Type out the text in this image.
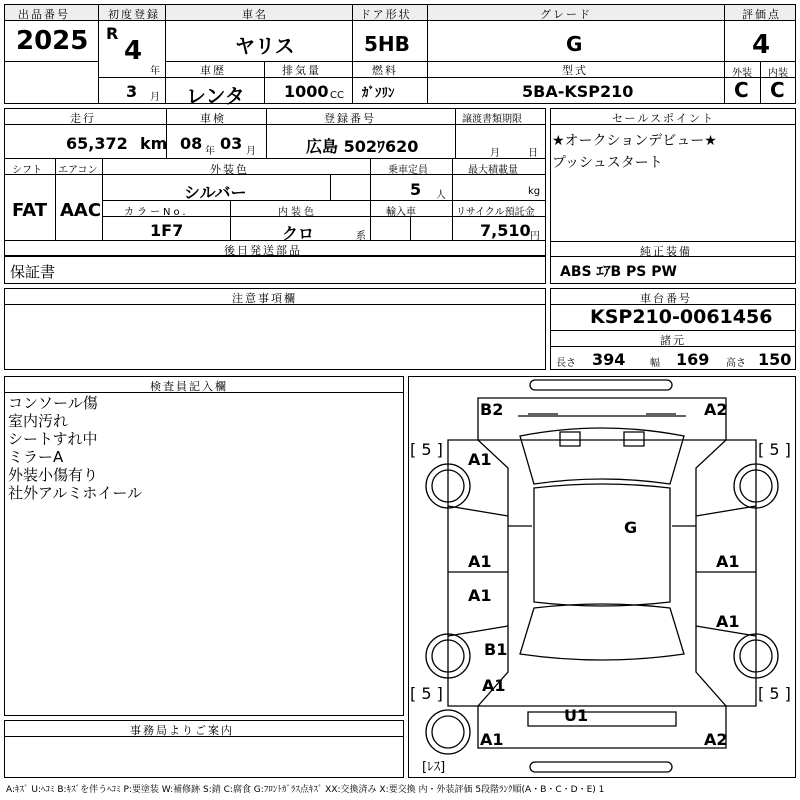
出品番号
2025
初度登録
R
4
年
3 月
車名
ヤリス
ドア形状
5HB
グレード
G
評価点
4
車歴
レンタ
排気量
1000 CC
燃料
ｶﾞｿﾘﾝ
型式
5BA-KSP210
外装 内装
C C
走行
65,372 km
車検
08 年 03 月
登録番号
広島 502ﾜ620
譲渡書類期限
月	日
シフト エアコン
FAT AAC
外装色
シルバー
乗車定員
5 人
最大積載量
kg
カラーNo.
1F7
内装色
クロ	系
輸入車	リサイクル預託金
7,510 円
後日発送部品
保証書
セールスポイント
★オークションデビュー★
プッシュスタート
純正装備
ABS ｴｱB PS PW
注意事項欄	車台番号
KSP210-0061456
諸元
長さ 394 幅 169 高さ 150
検査員記入欄
コンソール傷
室内汚れ
シートすれ中
ミラーA
外装小傷有り
社外アルミホイール
事務局よりご案内
B2	A2
A1
G
A1	A1
A1
A1
B1
A1
U1
A1	A2
[ 5 ]	[ 5 ]
[ 5 ]	[ 5 ]
[ﾚｽ]
A:ｷｽﾞ U:ﾍｺﾐ B:ｷｽﾞを伴うﾍｺﾐ P:要塗装 W:補修跡 S:錆 C:腐食 G:ﾌﾛﾝﾄｶﾞﾗｽ点ｷｽﾞ XX:交換済み X:要交換 内・外装評価 5段階ﾗﾝｸ順(A・B・C・D・E) 1
